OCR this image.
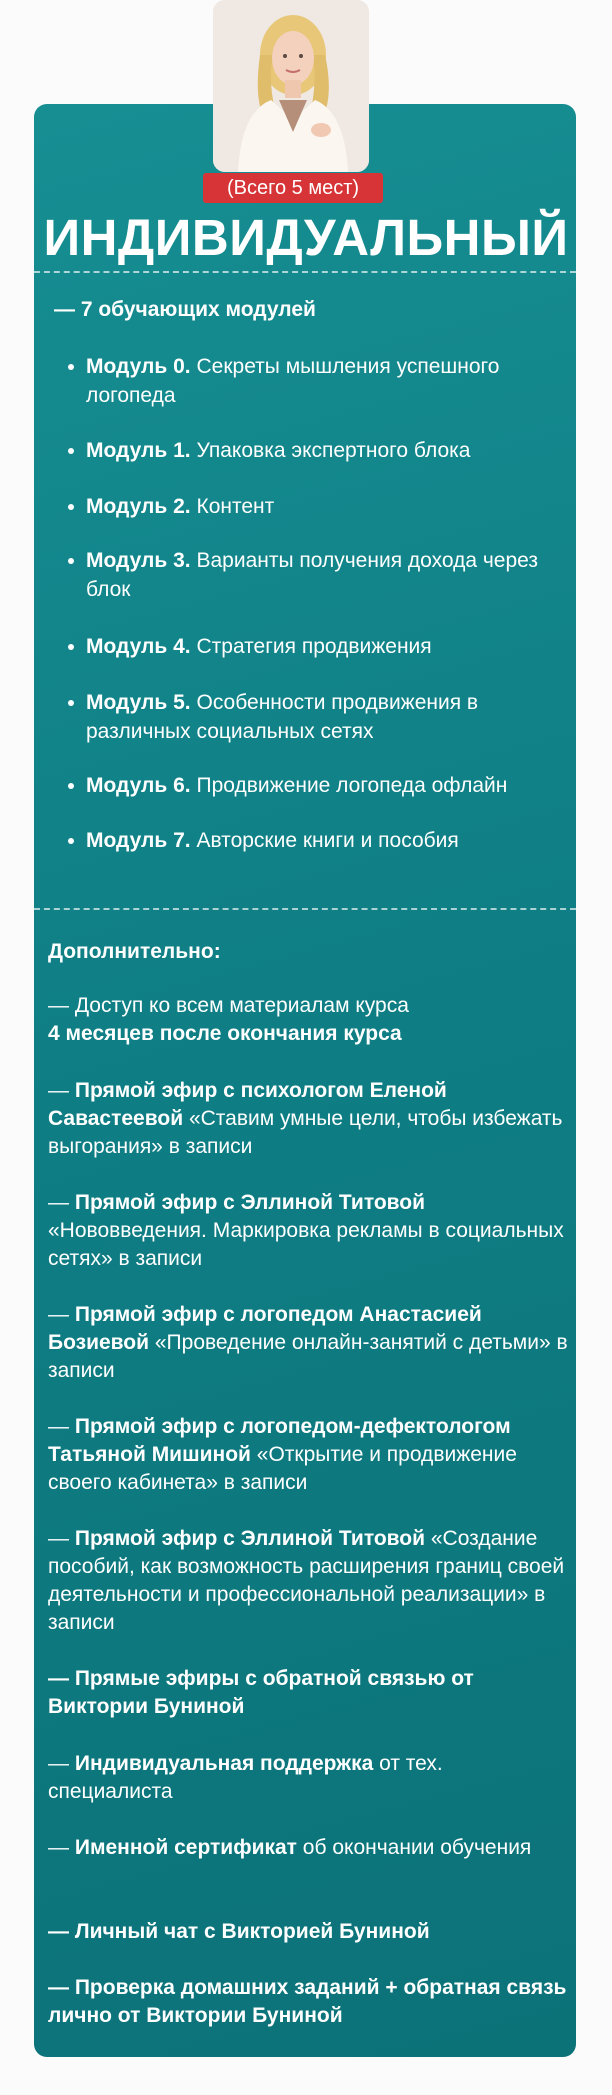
(Всего 5 мест)
ИНДИВИДУАЛЬНЫЙ
— 7 обучающих модулей
Модуль 0. Секреты мышления успешного логопеда
Модуль 1. Упаковка экспертного блока
Модуль 2. Контент
Модуль 3. Варианты получения дохода через блок
Модуль 4. Стратегия продвижения
Модуль 5. Особенности продвижения в различных социальных сетях
Модуль 6. Продвижение логопеда офлайн
Модуль 7. Авторские книги и пособия
Дополнительно:
— Доступ ко всем материалам курса
4 месяцев после окончания курса
— Прямой эфир с психологом Еленой Савастеевой «Ставим умные цели, чтобы избежать выгорания» в записи
— Прямой эфир с Эллиной Титовой «Нововведения. Маркировка рекламы в социальных сетях» в записи
— Прямой эфир с логопедом Анастасией Бозиевой «Проведение онлайн-занятий с детьми» в записи
— Прямой эфир с логопедом-дефектологом Татьяной Мишиной «Открытие и продвижение своего кабинета» в записи
— Прямой эфир с Эллиной Титовой «Создание пособий, как возможность расширения границ своей деятельности и профессиональной реализации» в записи
— Прямые эфиры с обратной связью от Виктории Буниной
— Индивидуальная поддержка от тех. специалиста
— Именной сертификат об окончании обучения
— Личный чат с Викторией Буниной
— Проверка домашних заданий + обратная связь лично от Виктории Буниной
